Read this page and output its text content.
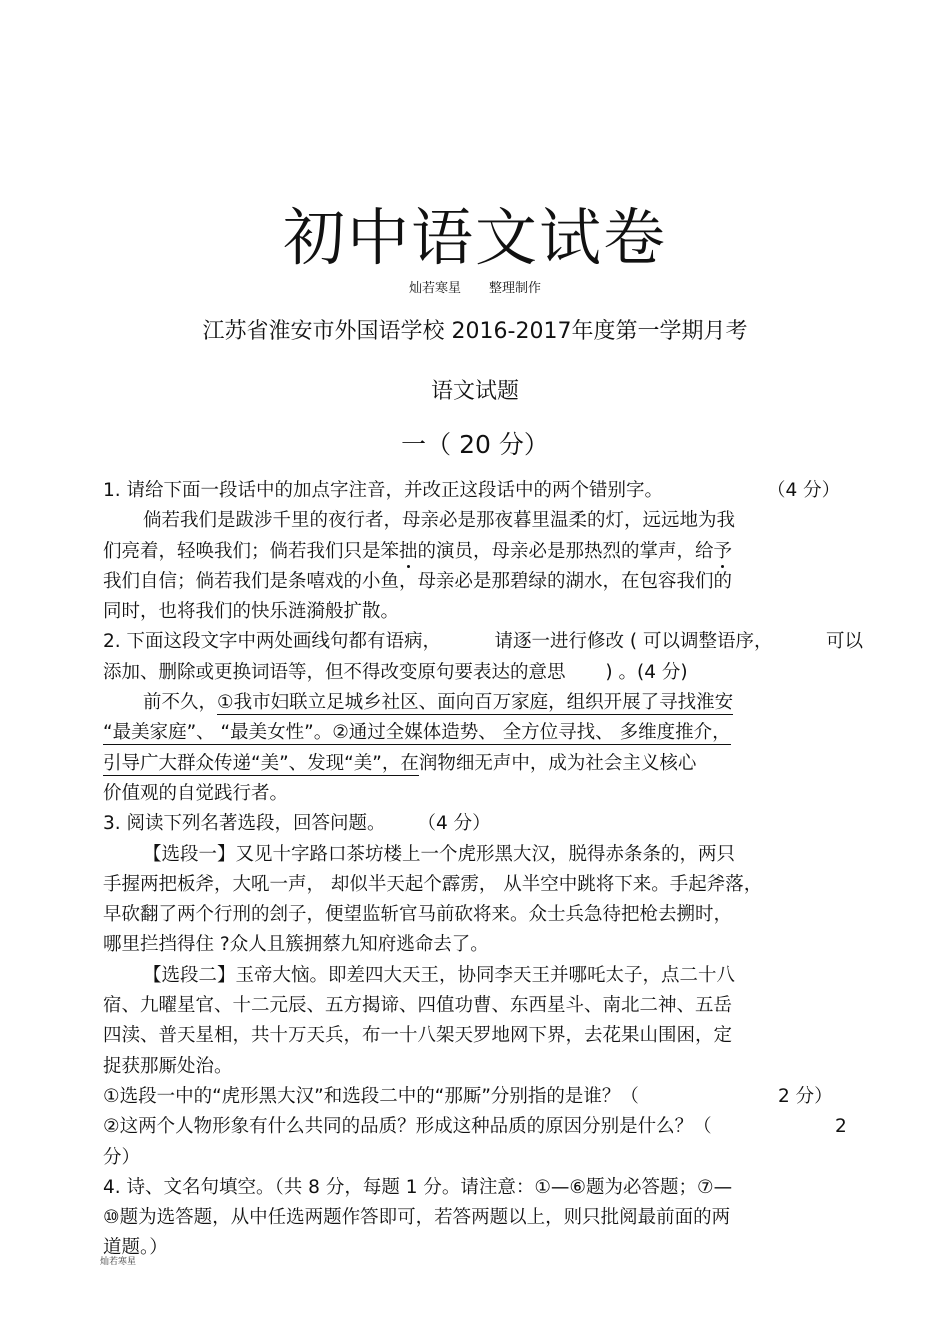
初中语文试卷
灿若寒星 整理制作
江苏省淮安市外国语学校 2016-2017年度第一学期月考
语文试题
一（ 20 分）
1. 请给下面一段话中的加点字注音，并改正这段话中的两个错别字。	（4 分）
倘若我们是跋涉千里的夜行者，母亲必是那夜暮里温柔的灯，远远地为我
们亮着，轻唤我们；倘若我们只是笨拙的演员，母亲必是那热烈的掌声，给予
我们自信；倘若我们是条嘻戏的小鱼，母亲必是那碧绿的湖水，在包容我们的
同时，也将我们的快乐涟漪般扩散。
2. 下面这段文字中两处画线句都有语病，	请逐一进行修改 ( 可以调整语序，	可以
添加、删除或更换词语等，但不得改变原句要表达的意思 ) 。(4 分)
前不久，①我市妇联立足城乡社区、面向百万家庭，组织开展了寻找淮安
“最美家庭”、 “最美女性”。②通过全媒体造势、 全方位寻找、 多维度推介，
引导广大群众传递“美”、发现“美”，在润物细无声中，成为社会主义核心
价值观的自觉践行者。
3. 阅读下列名著选段，回答问题。 （4 分）
【选段一】又见十字路口茶坊楼上一个虎形黑大汉，脱得赤条条的，两只
手握两把板斧，大吼一声， 却似半天起个霹雳， 从半空中跳将下来。手起斧落，
早砍翻了两个行刑的刽子，便望监斩官马前砍将来。众士兵急待把枪去搠时，
哪里拦挡得住 ?众人且簇拥蔡九知府逃命去了。
【选段二】玉帝大恼。即差四大天王，协同李天王并哪吒太子，点二十八
宿、九曜星官、十二元辰、五方揭谛、四值功曹、东西星斗、南北二神、五岳
四渎、普天星相，共十万天兵，布一十八架天罗地网下界，去花果山围困，定
捉获那厮处治。
①选段一中的“虎形黑大汉”和选段二中的“那厮”分别指的是谁？（	2 分）
②这两个人物形象有什么共同的品质？形成这种品质的原因分别是什么？（	2
分）
4. 诗、文名句填空。（共 8 分，每题 1 分。请注意：①—⑥题为必答题；⑦—
⑩题为选答题，从中任选两题作答即可，若答两题以上，则只批阅最前面的两
道题。）
灿若寒星
